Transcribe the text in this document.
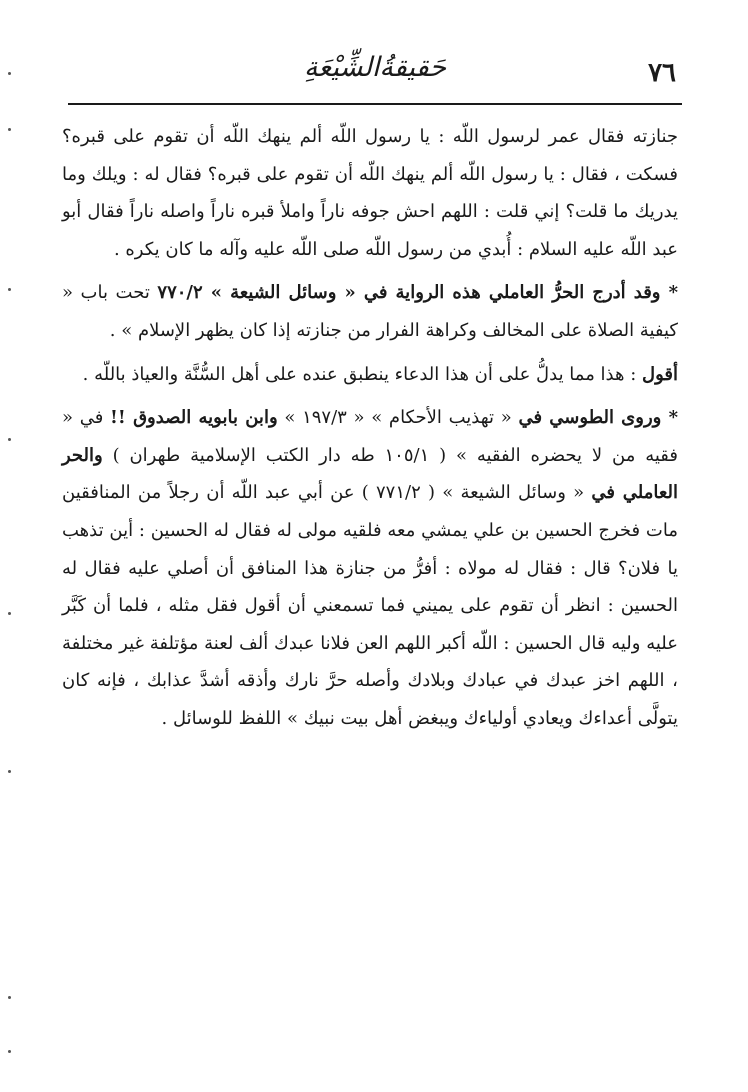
٧٦
حَقيقةُالشِّيْعَةِ

جنازته فقال عمر لرسول اللّه : يا رسول اللّه ألم ينهك اللّه أن تقوم على قبره؟ فسكت ، فقال : يا رسول اللّه ألم ينهك اللّه أن تقوم على قبره؟ فقال له : ويلك وما يدريك ما قلت؟ إني قلت : اللهم احش جوفه ناراً واملأ قبره ناراً واصله ناراً فقال أبو عبد اللّه عليه السلام : أُبدي من رسول اللّه صلى اللّه عليه وآله ما كان يكره .

* وقد أدرج الحرُّ العاملي هذه الرواية في « وسائل الشيعة » ٧٧٠/٢ تحت باب « كيفية الصلاة على المخالف وكراهة الفرار من جنازته إذا كان يظهر الإسلام » .

أقول : هذا مما يدلُّ على أن هذا الدعاء ينطبق عنده على أهل السُّنَّة والعياذ باللّه .

* وروى الطوسي في « تهذيب الأحكام » « ١٩٧/٣ » وابن بابويه الصدوق !! في « فقيه من لا يحضره الفقيه » ( ١٠٥/١ ط‍ه دار الكتب الإسلامية طهران ) والحر العاملي في « وسائل الشيعة » ( ٧٧١/٢ ) عن أبي عبد اللّه أن رجلاً من المنافقين مات فخرج الحسين بن علي يمشي معه فلقيه مولى له فقال له الحسين : أين تذهب يا فلان؟ قال : فقال له مولاه : أفرُّ من جنازة هذا المنافق أن أصلي عليه فقال له الحسين : انظر أن تقوم على يميني فما تسمعني أن أقول فقل مثله ، فلما أن كَبَّر عليه وليه قال الحسين : اللّه أكبر اللهم العن فلانا عبدك ألف لعنة مؤتلفة غير مختلفة ، اللهم اخز عبدك في عبادك وبلادك وأصله حرَّ نارك وأذقه أشدَّ عذابك ، فإنه كان يتولَّى أعداءك ويعادي أولياءك ويبغض أهل بيت نبيك » اللفظ للوسائل .
